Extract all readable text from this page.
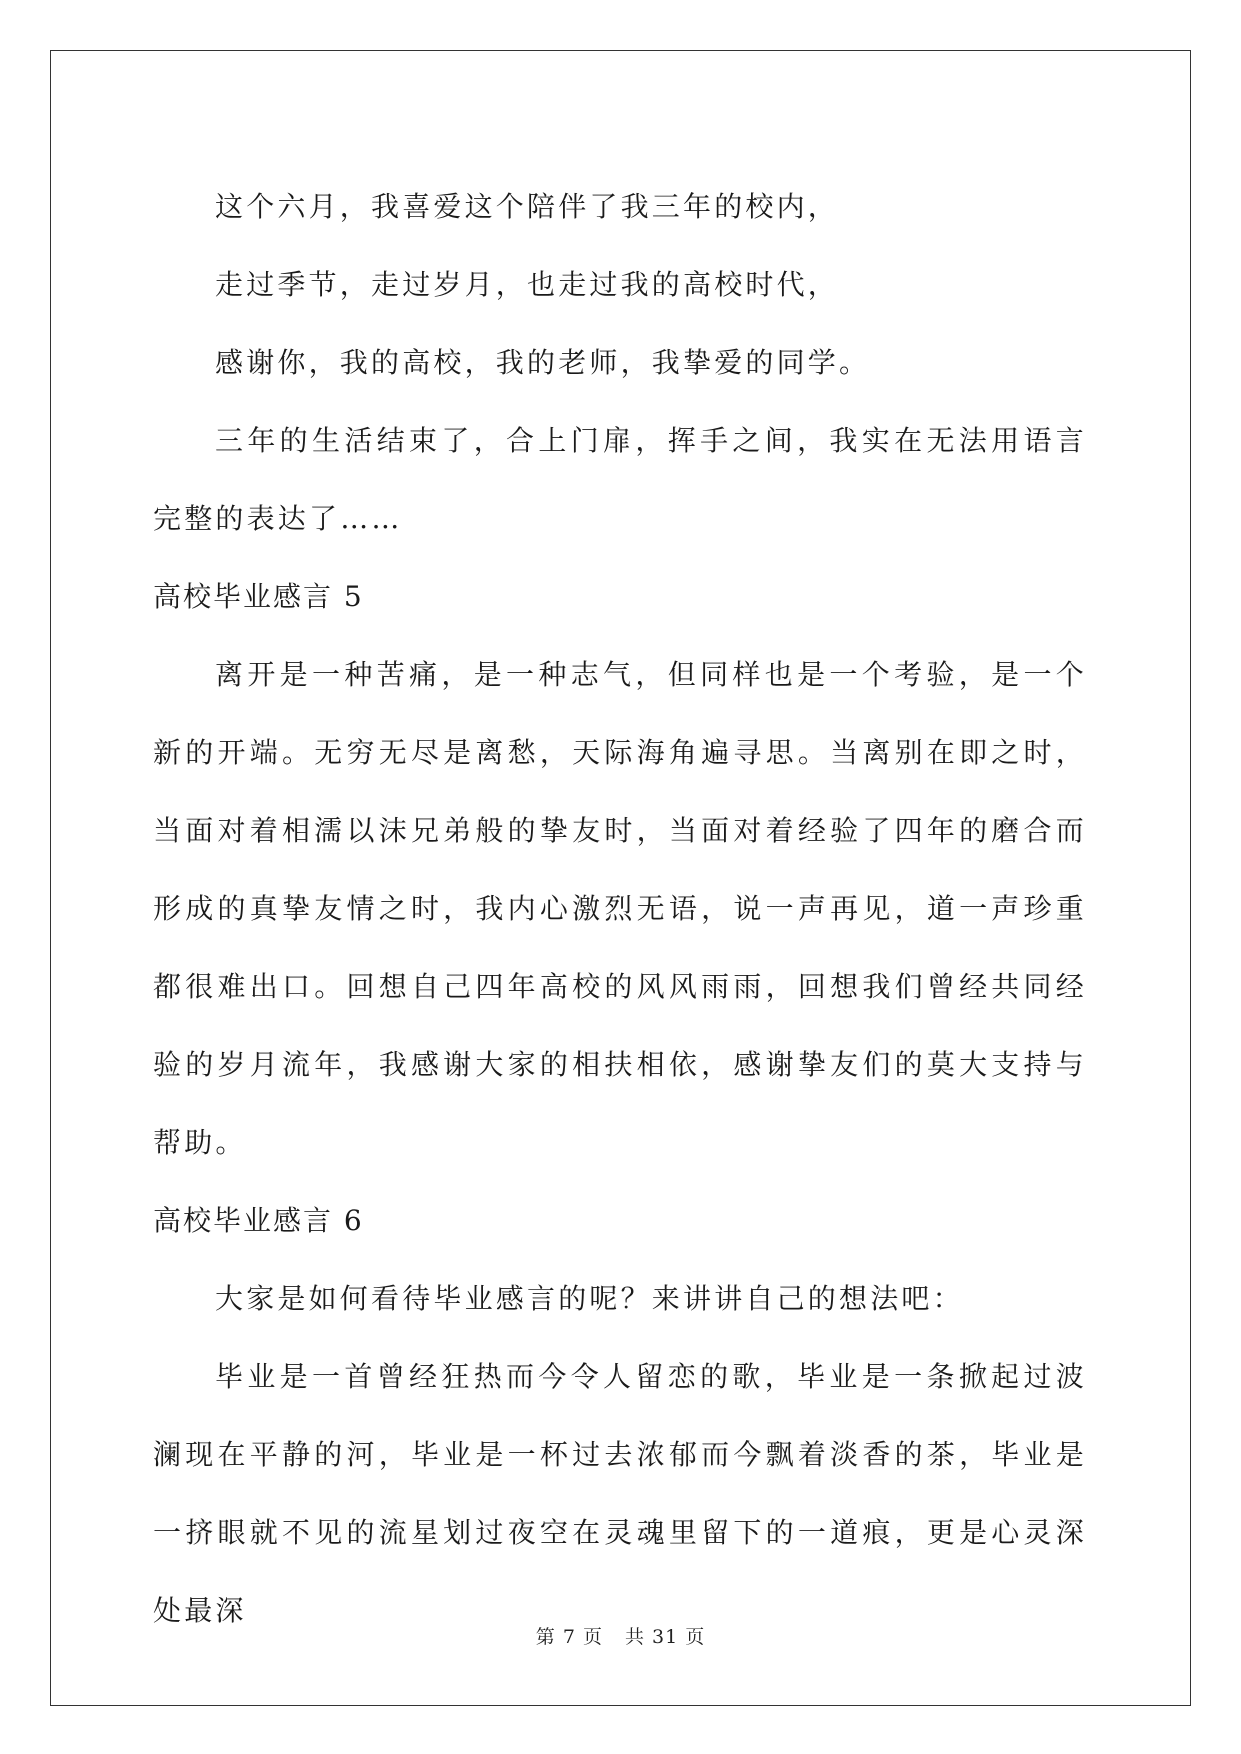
这个六月，我喜爱这个陪伴了我三年的校内，

走过季节，走过岁月，也走过我的高校时代，

感谢你，我的高校，我的老师，我挚爱的同学。

三年的生活结束了，合上门扉，挥手之间，我实在无法用语言完整的表达了……

高校毕业感言 5

离开是一种苦痛，是一种志气，但同样也是一个考验，是一个新的开端。无穷无尽是离愁，天际海角遍寻思。当离别在即之时，当面对着相濡以沫兄弟般的挚友时，当面对着经验了四年的磨合而形成的真挚友情之时，我内心激烈无语，说一声再见，道一声珍重都很难出口。回想自己四年高校的风风雨雨，回想我们曾经共同经验的岁月流年，我感谢大家的相扶相依，感谢挚友们的莫大支持与帮助。

高校毕业感言 6

大家是如何看待毕业感言的呢？来讲讲自己的想法吧：

毕业是一首曾经狂热而今令人留恋的歌，毕业是一条掀起过波澜现在平静的河，毕业是一杯过去浓郁而今飘着淡香的茶，毕业是一挤眼就不见的流星划过夜空在灵魂里留下的一道痕，更是心灵深处最深

第 7 页 共 31 页
